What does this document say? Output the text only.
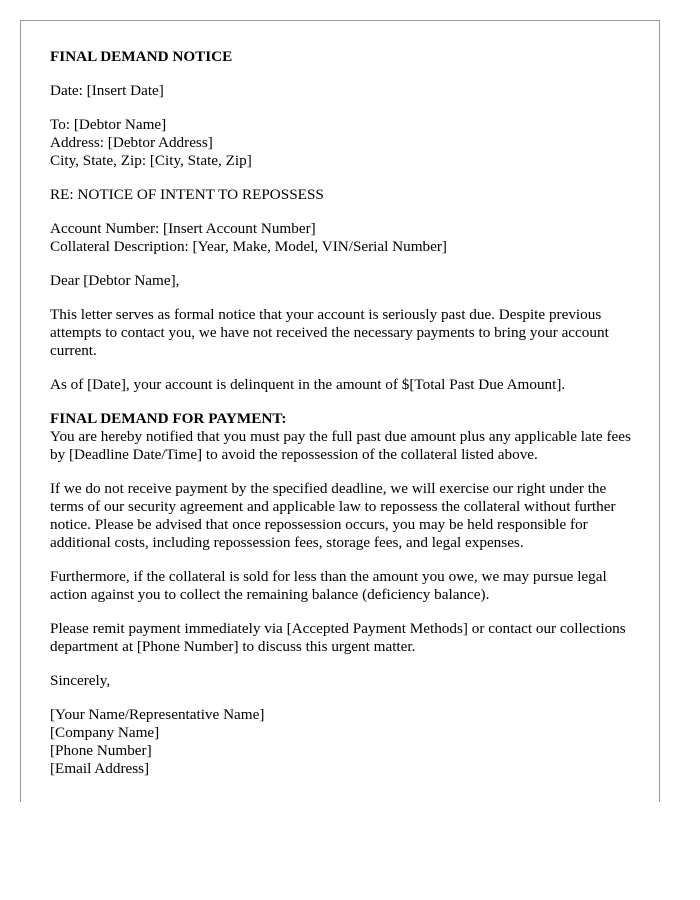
FINAL DEMAND NOTICE

Date: [Insert Date]

To: [Debtor Name]
Address: [Debtor Address]
City, State, Zip: [City, State, Zip]

RE: NOTICE OF INTENT TO REPOSSESS

Account Number: [Insert Account Number]
Collateral Description: [Year, Make, Model, VIN/Serial Number]

Dear [Debtor Name],

This letter serves as formal notice that your account is seriously past due. Despite previous attempts to contact you, we have not received the necessary payments to bring your account current.

As of [Date], your account is delinquent in the amount of $[Total Past Due Amount].

FINAL DEMAND FOR PAYMENT:
You are hereby notified that you must pay the full past due amount plus any applicable late fees by [Deadline Date/Time] to avoid the repossession of the collateral listed above.

If we do not receive payment by the specified deadline, we will exercise our right under the terms of our security agreement and applicable law to repossess the collateral without further notice. Please be advised that once repossession occurs, you may be held responsible for additional costs, including repossession fees, storage fees, and legal expenses.

Furthermore, if the collateral is sold for less than the amount you owe, we may pursue legal action against you to collect the remaining balance (deficiency balance).

Please remit payment immediately via [Accepted Payment Methods] or contact our collections department at [Phone Number] to discuss this urgent matter.

Sincerely,

[Your Name/Representative Name]
[Company Name]
[Phone Number]
[Email Address]
